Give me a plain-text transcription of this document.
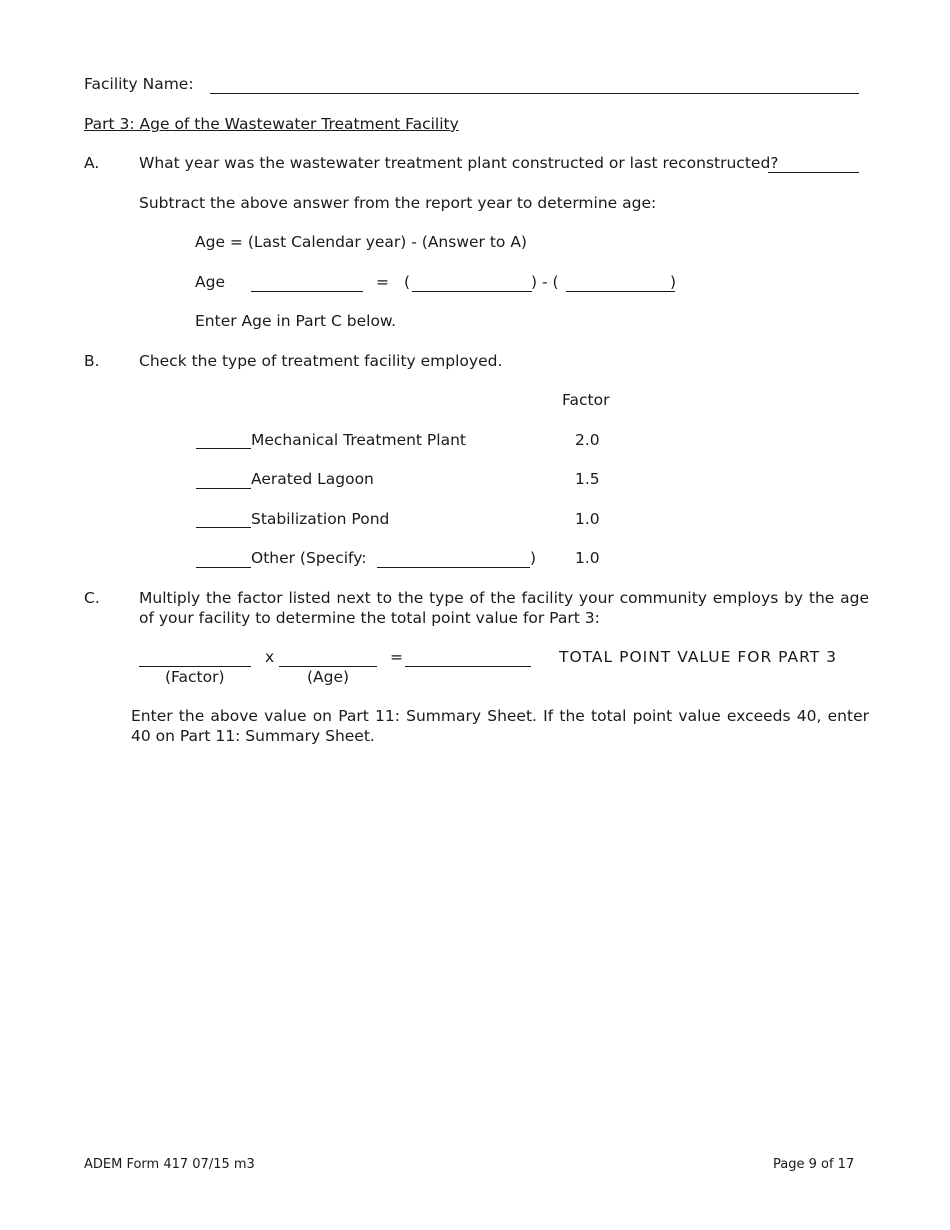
Facility Name:
Part 3: Age of the Wastewater Treatment Facility
A.	What year was the wastewater treatment plant constructed or last reconstructed?
Subtract the above answer from the report year to determine age:
Age = (Last Calendar year) - (Answer to A)
Age	= (	) - (	)
Enter Age in Part C below.
B.	Check the type of treatment facility employed.
Factor
Mechanical Treatment Plant	2.0
Aerated Lagoon	1.5
Stabilization Pond	1.0
Other (Specify:	)	1.0
C.	Multiply the factor listed next to the type of the facility your community employs by the age of your facility to determine the total point value for Part 3:
x	=	TOTAL POINT VALUE FOR PART 3
(Factor)	(Age)
Enter the above value on Part 11: Summary Sheet. If the total point value exceeds 40, enter 40 on Part 11: Summary Sheet.
ADEM Form 417 07/15 m3	Page 9 of 17
